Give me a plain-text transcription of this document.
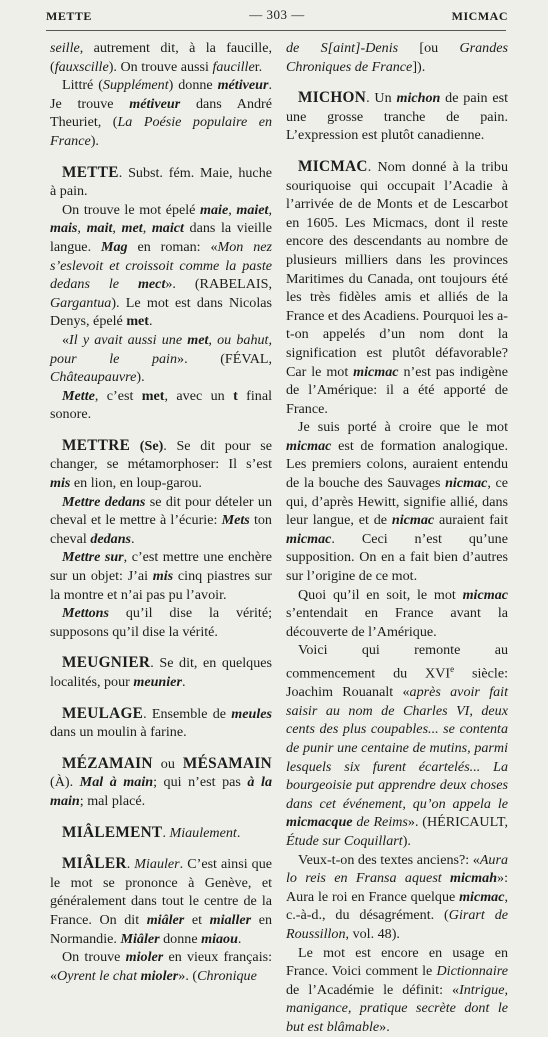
METTE	— 303 —	MICMAC

seille, autrement dit, à la faucille, (fauxscille). On trouve aussi fauciller.

Littré (Supplément) donne métiveur. Je trouve métiveur dans André Theuriet, (La Poésie populaire en France).

METTE. Subst. fém. Maie, huche à pain.

On trouve le mot épelé maie, maiet, mais, mait, met, maict dans la vieille langue. Mag en roman: «Mon nez s’eslevoit et croissoit comme la paste dedans le mect». (RABELAIS, Gargantua). Le mot est dans Nicolas Denys, épelé met.

«Il y avait aussi une met, ou bahut, pour le pain». (FÉVAL, Châteaupauvre).

Mette, c’est met, avec un t final sonore.

METTRE (Se). Se dit pour se changer, se métamorphoser: Il s’est mis en lion, en loup-garou.

Mettre dedans se dit pour dételer un cheval et le mettre à l’écurie: Mets ton cheval dedans.

Mettre sur, c’est mettre une enchère sur un objet: J’ai mis cinq piastres sur la montre et n’ai pas pu l’avoir.

Mettons qu’il dise la vérité; supposons qu’il dise la vérité.

MEUGNIER. Se dit, en quelques localités, pour meunier.

MEULAGE. Ensemble de meules dans un moulin à farine.

MÉZAMAIN ou MÉSAMAIN (À). Mal à main; qui n’est pas à la main; mal placé.

MIÂLEMENT. Miaulement.

MIÂLER. Miauler. C’est ainsi que le mot se prononce à Genève, et généralement dans tout le centre de la France. On dit miâler et mialler en Normandie. Miâler donne miaou.

On trouve mioler en vieux français: «Oyrent le chat mioler». (Chronique

de S[aint]-Denis [ou Grandes Chroniques de France]).

MICHON. Un michon de pain est une grosse tranche de pain. L’expression est plutôt canadienne.

MICMAC. Nom donné à la tribu souriquoise qui occupait l’Acadie à l’arrivée de de Monts et de Lescarbot en 1605. Les Micmacs, dont il reste encore des descendants au nombre de plusieurs milliers dans les provinces Maritimes du Canada, ont toujours été les très fidèles amis et alliés de la France et des Acadiens. Pourquoi les a-t-on appelés d’un nom dont la signification est plutôt défavorable? Car le mot micmac n’est pas indigène de l’Amérique: il a été apporté de France.

Je suis porté à croire que le mot micmac est de formation analogique. Les premiers colons, auraient entendu de la bouche des Sauvages nicmac, ce qui, d’après Hewitt, signifie allié, dans leur langue, et de nicmac auraient fait micmac. Ceci n’est qu’une supposition. On en a fait bien d’autres sur l’origine de ce mot.

Quoi qu’il en soit, le mot micmac s’entendait en France avant la découverte de l’Amérique.

Voici qui remonte au commencement du XVIe siècle: Joachim Rouanalt «après avoir fait saisir au nom de Charles VI, deux cents des plus coupables... se contenta de punir une centaine de mutins, parmi lesquels six furent écartelés... La bourgeoisie put apprendre deux choses dans cet événement, qu’on appela le micmacque de Reims». (HÉRICAULT, Étude sur Coquillart).

Veux-t-on des textes anciens?: «Aura lo reis en Fransa aquest micmah»: Aura le roi en France quelque micmac, c.-à-d., du désagrément. (Girart de Roussillon, vol. 48).

Le mot est encore en usage en France. Voici comment le Dictionnaire de l’Académie le définit: «Intrigue, manigance, pratique secrète dont le but est blâmable».
